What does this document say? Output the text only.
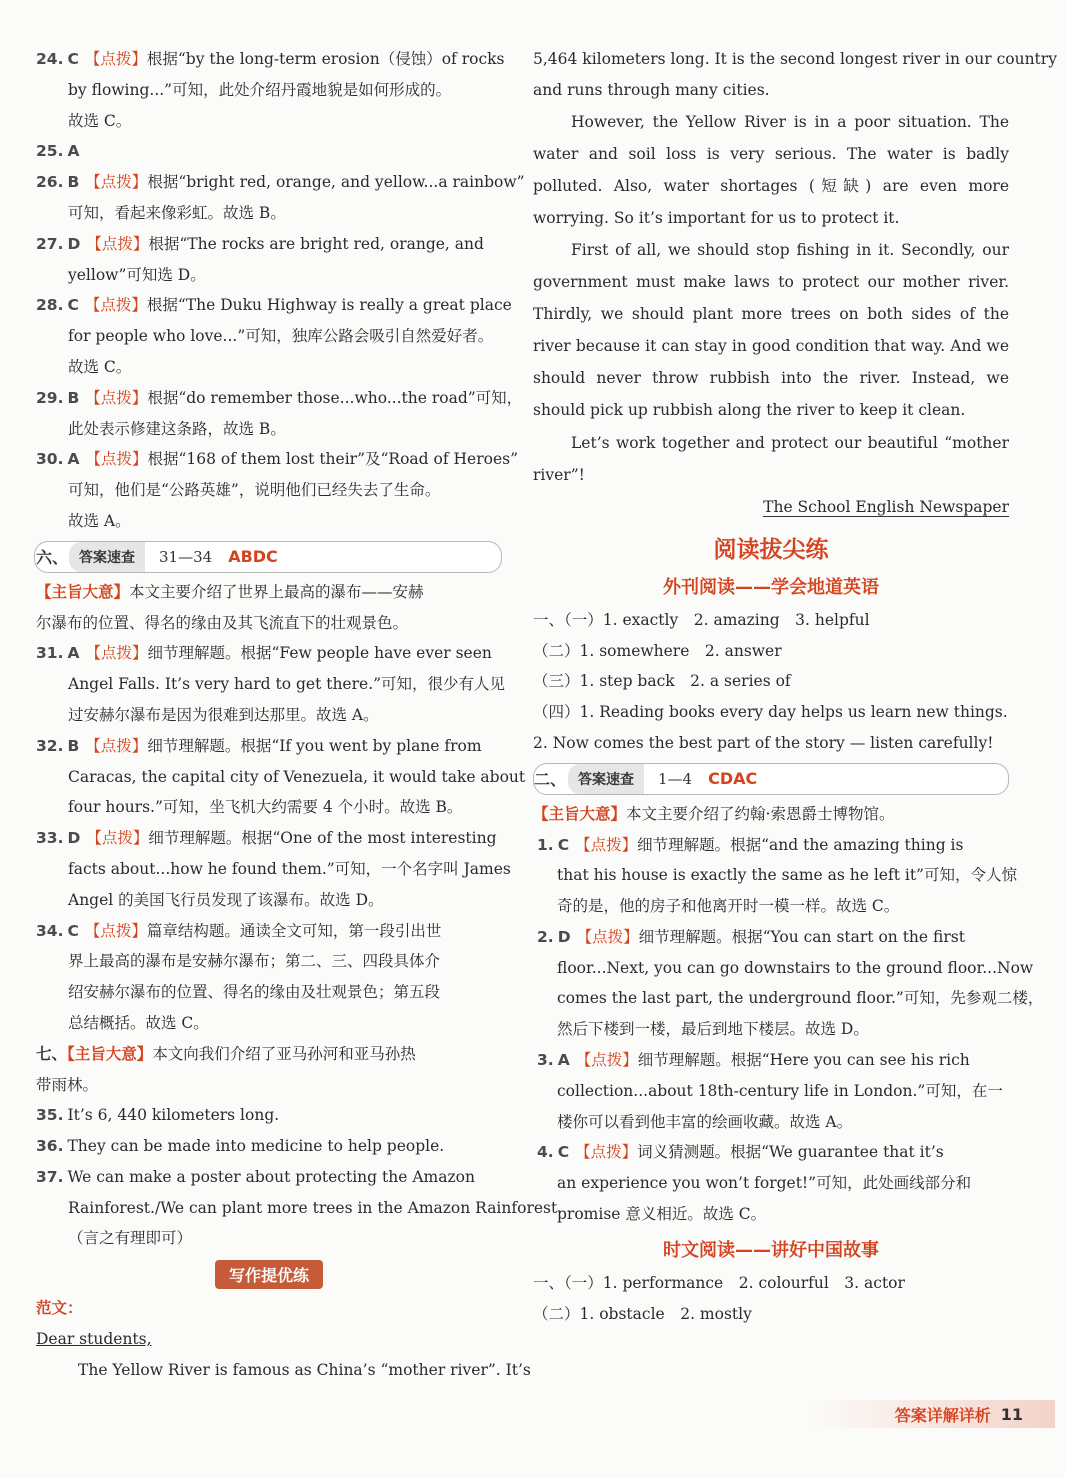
24. C 【点拨】根据“by the long-term erosion（侵蚀）of rocks
by flowing...”可知，此处介绍丹霞地貌是如何形成的。
故选 C。
25. A
26. B 【点拨】根据“bright red, orange, and yellow...a rainbow”
可知，看起来像彩虹。故选 B。
27. D 【点拨】根据“The rocks are bright red, orange, and
yellow”可知选 D。
28. C 【点拨】根据“The Duku Highway is really a great place
for people who love...”可知，独库公路会吸引自然爱好者。
故选 C。
29. B 【点拨】根据“do remember those...who...the road”可知，
此处表示修建这条路，故选 B。
30. A 【点拨】根据“168 of them lost their”及“Road of Heroes”
可知，他们是“公路英雄”，说明他们已经失去了生命。
故选 A。
六、 答案速查	31—34 ABDC
【主旨大意】本文主要介绍了世界上最高的瀑布——安赫
尔瀑布的位置、得名的缘由及其飞流直下的壮观景色。
31. A 【点拨】细节理解题。根据“Few people have ever seen
Angel Falls. It’s very hard to get there.”可知，很少有人见
过安赫尔瀑布是因为很难到达那里。故选 A。
32. B 【点拨】细节理解题。根据“If you went by plane from
Caracas, the capital city of Venezuela, it would take about
four hours.”可知，坐飞机大约需要 4 个小时。故选 B。
33. D 【点拨】细节理解题。根据“One of the most interesting
facts about...how he found them.”可知，一个名字叫 James
Angel 的美国飞行员发现了该瀑布。故选 D。
34. C 【点拨】篇章结构题。通读全文可知，第一段引出世
界上最高的瀑布是安赫尔瀑布；第二、三、四段具体介
绍安赫尔瀑布的位置、得名的缘由及壮观景色；第五段
总结概括。故选 C。
七、【主旨大意】本文向我们介绍了亚马孙河和亚马孙热
带雨林。
35. It’s 6, 440 kilometers long.
36. They can be made into medicine to help people.
37. We can make a poster about protecting the Amazon
Rainforest./We can plant more trees in the Amazon Rainforest.
（言之有理即可）
写作提优练
范文：
Dear students,
The Yellow River is famous as China’s “mother river”. It’s
5,464 kilometers long. It is the second longest river in our country
and runs through many cities.

However, the Yellow River is in a poor situation. The water and soil loss is very serious. The water is badly polluted. Also, water shortages (短缺) are even more worrying. So it’s important for us to protect it.

First of all, we should stop fishing in it. Secondly, our government must make laws to protect our mother river. Thirdly, we should plant more trees on both sides of the river because it can stay in good condition that way. And we should never throw rubbish into the river. Instead, we should pick up rubbish along the river to keep it clean.

Let’s work together and protect our beautiful “mother river”!

The School English Newspaper
阅读拔尖练
外刊阅读——学会地道英语
一、（一）1. exactly　2. amazing　3. helpful
（二）1. somewhere　2. answer
（三）1. step back　2. a series of
（四）1. Reading books every day helps us learn new things.
2. Now comes the best part of the story — listen carefully!
二、 答案速查	1—4 CDAC
【主旨大意】本文主要介绍了约翰·索恩爵士博物馆。
1. C 【点拨】细节理解题。根据“and the amazing thing is
that his house is exactly the same as he left it”可知，令人惊
奇的是，他的房子和他离开时一模一样。故选 C。
2. D 【点拨】细节理解题。根据“You can start on the first
floor...Next, you can go downstairs to the ground floor...Now
comes the last part, the underground floor.”可知，先参观二楼，
然后下楼到一楼，最后到地下楼层。故选 D。
3. A 【点拨】细节理解题。根据“Here you can see his rich
collection...about 18th-century life in London.”可知，在一
楼你可以看到他丰富的绘画收藏。故选 A。
4. C 【点拨】词义猜测题。根据“We guarantee that it’s
an experience you won’t forget!”可知，此处画线部分和
promise 意义相近。故选 C。
时文阅读——讲好中国故事
一、（一）1. performance　2. colourful　3. actor
（二）1. obstacle　2. mostly
答案详解详析 11
